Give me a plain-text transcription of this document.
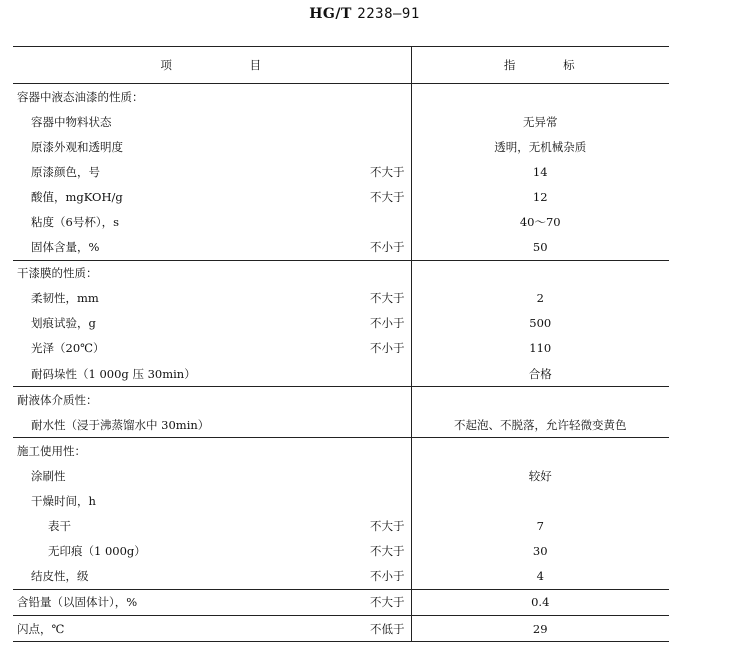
HG/T 2238—91
项 目	指 标

容器中液态油漆的性质：	

容器中物料状态	无异常

原漆外观和透明度	透明，无机械杂质

原漆颜色，号 不大于	14

酸值，mgKOH/g 不大于	12

粘度（6号杯），s	40～70

固体含量，% 不小于	50

干漆膜的性质：	

柔韧性，mm 不大于	2

划痕试验，g 不小于	500

光泽（20℃） 不小于	110

耐码垛性（1 000g 压 30min）	合格

耐液体介质性：	

耐水性（浸于沸蒸馏水中 30min）	不起泡、不脱落，允许轻微变黄色

施工使用性：	

涂刷性	较好

干燥时间，h	

表干 不大于	7

无印痕（1 000g） 不大于	30

结皮性，级 不小于	4

含铅量（以固体计），% 不大于	0.4

闪点，℃ 不低于	29
